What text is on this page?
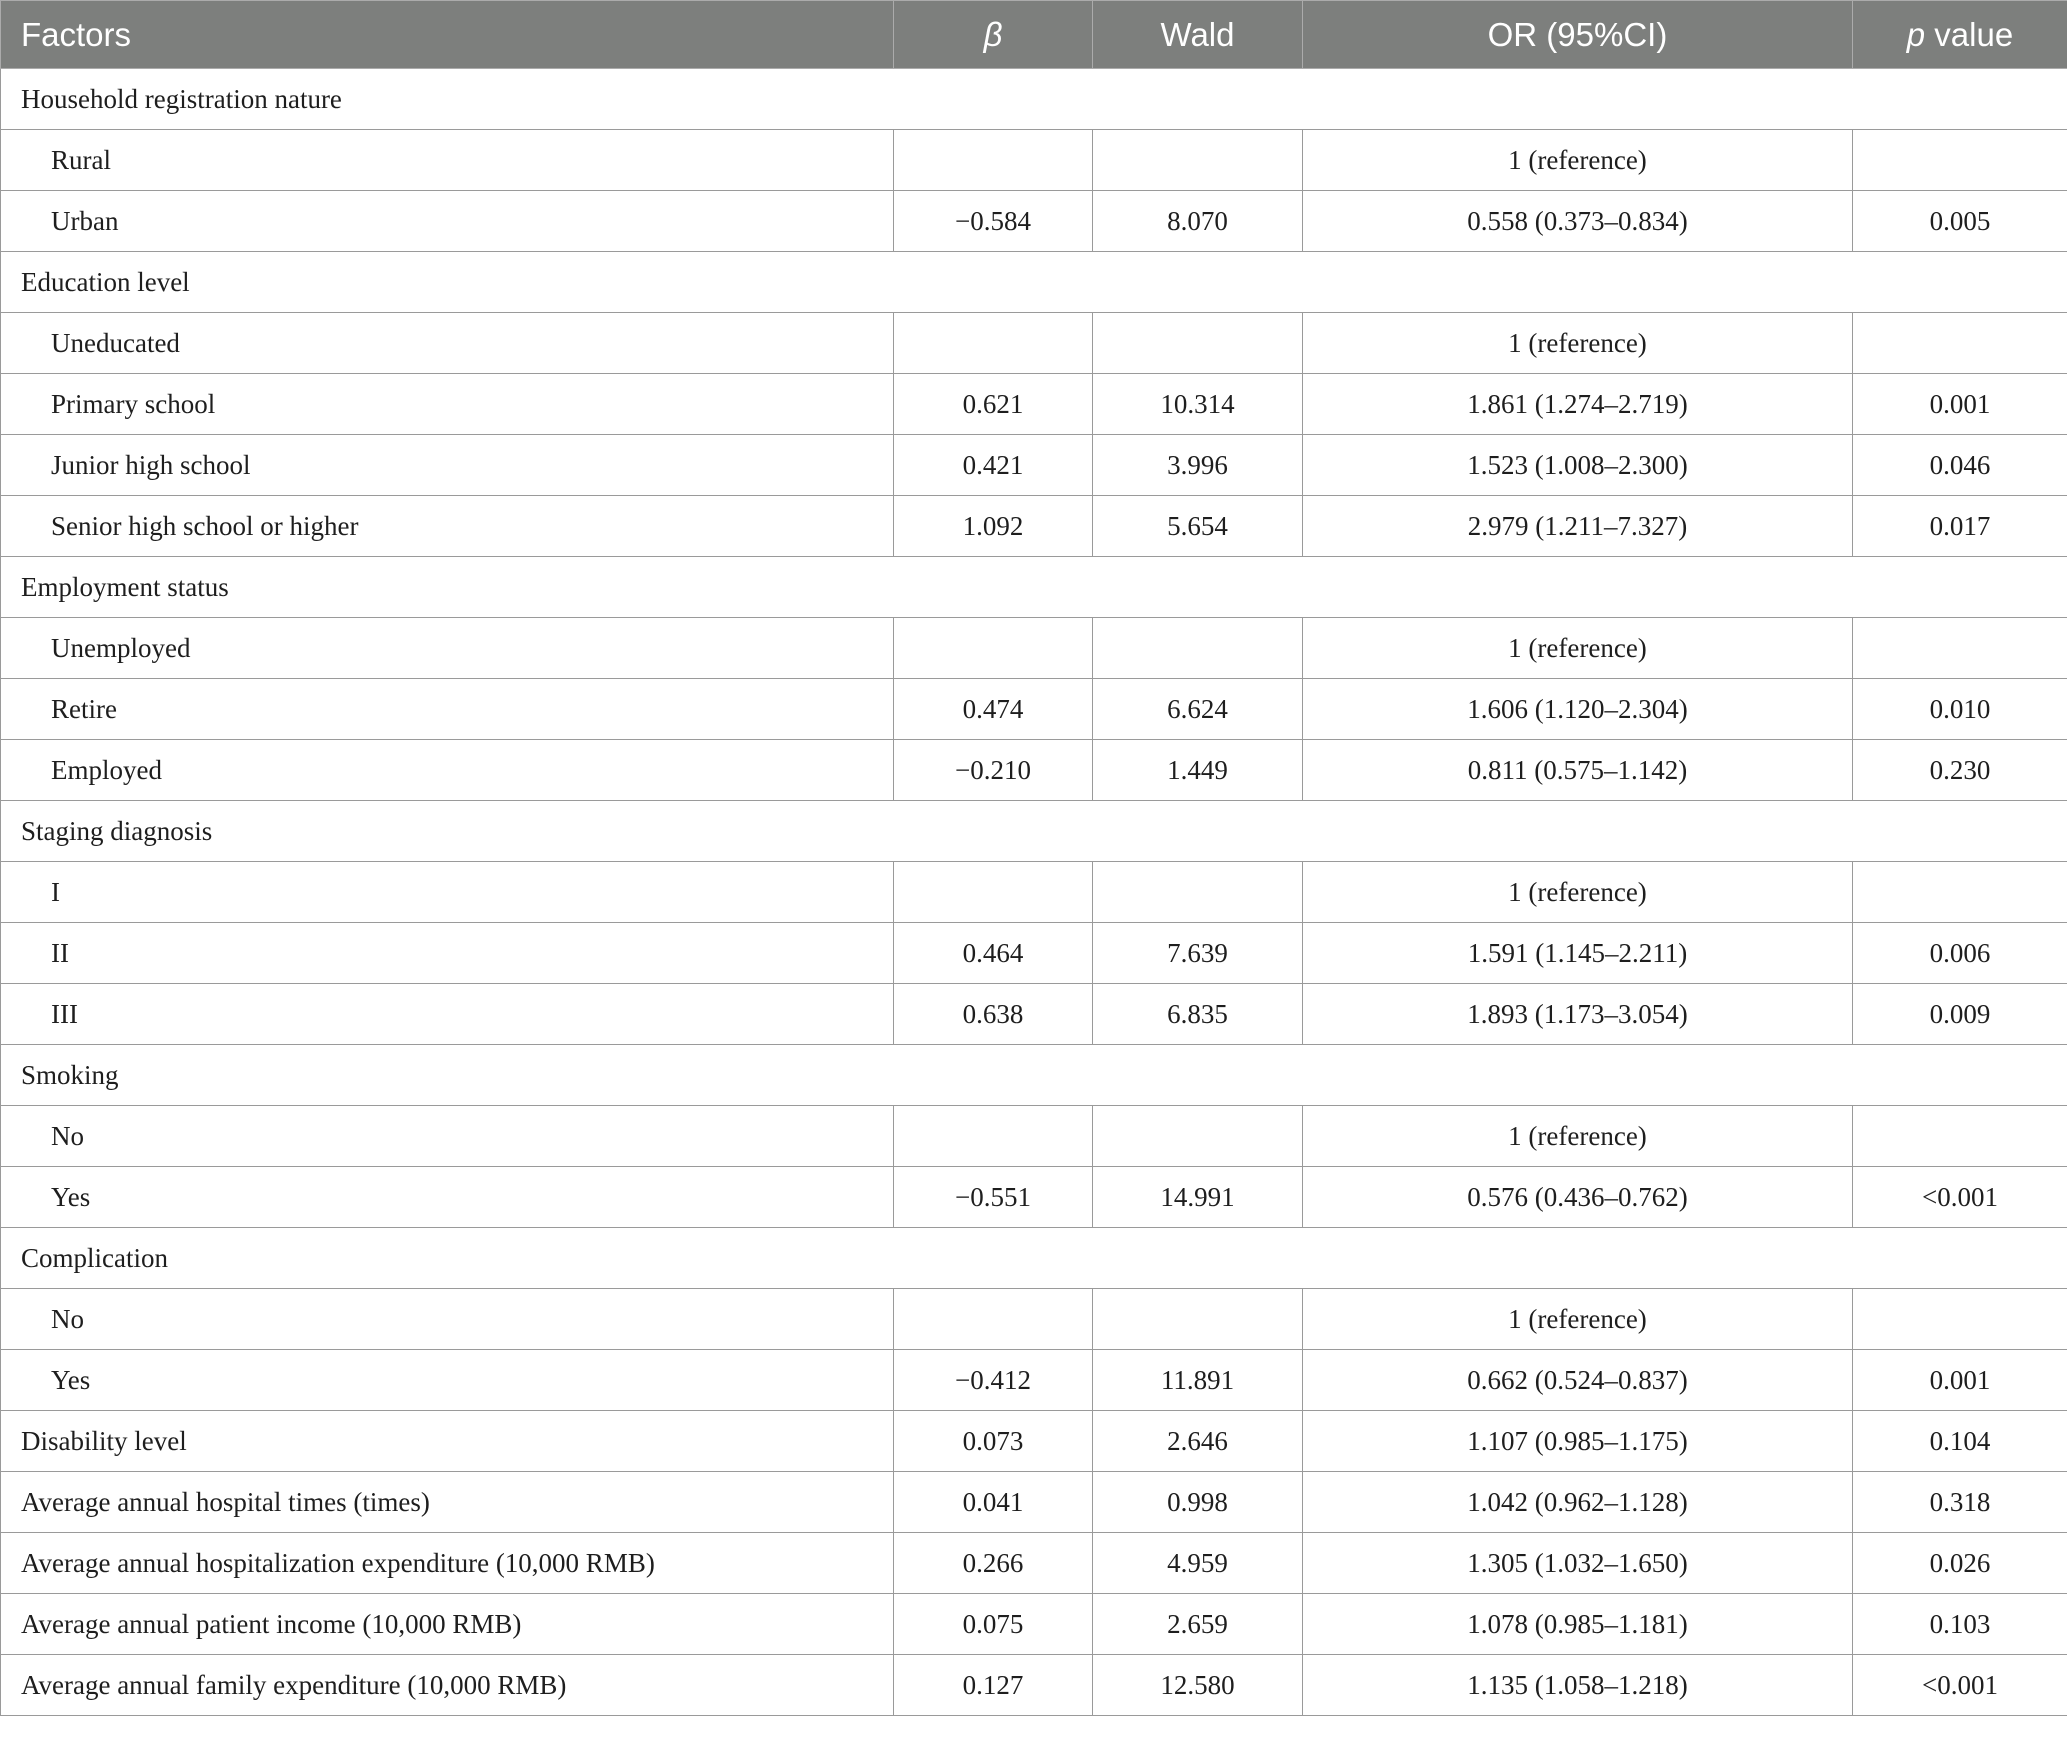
Factors	β	Wald	OR (95%CI)	p value
Household registration nature				
Rural			1 (reference)	
Urban	−0.584	8.070	0.558 (0.373–0.834)	0.005
Education level				
Uneducated			1 (reference)	
Primary school	0.621	10.314	1.861 (1.274–2.719)	0.001
Junior high school	0.421	3.996	1.523 (1.008–2.300)	0.046
Senior high school or higher	1.092	5.654	2.979 (1.211–7.327)	0.017
Employment status				
Unemployed			1 (reference)	
Retire	0.474	6.624	1.606 (1.120–2.304)	0.010
Employed	−0.210	1.449	0.811 (0.575–1.142)	0.230
Staging diagnosis				
I			1 (reference)	
II	0.464	7.639	1.591 (1.145–2.211)	0.006
III	0.638	6.835	1.893 (1.173–3.054)	0.009
Smoking				
No			1 (reference)	
Yes	−0.551	14.991	0.576 (0.436–0.762)	<0.001
Complication				
No			1 (reference)	
Yes	−0.412	11.891	0.662 (0.524–0.837)	0.001
Disability level	0.073	2.646	1.107 (0.985–1.175)	0.104
Average annual hospital times (times)	0.041	0.998	1.042 (0.962–1.128)	0.318
Average annual hospitalization expenditure (10,000 RMB)	0.266	4.959	1.305 (1.032–1.650)	0.026
Average annual patient income (10,000 RMB)	0.075	2.659	1.078 (0.985–1.181)	0.103
Average annual family expenditure (10,000 RMB)	0.127	12.580	1.135 (1.058–1.218)	<0.001
